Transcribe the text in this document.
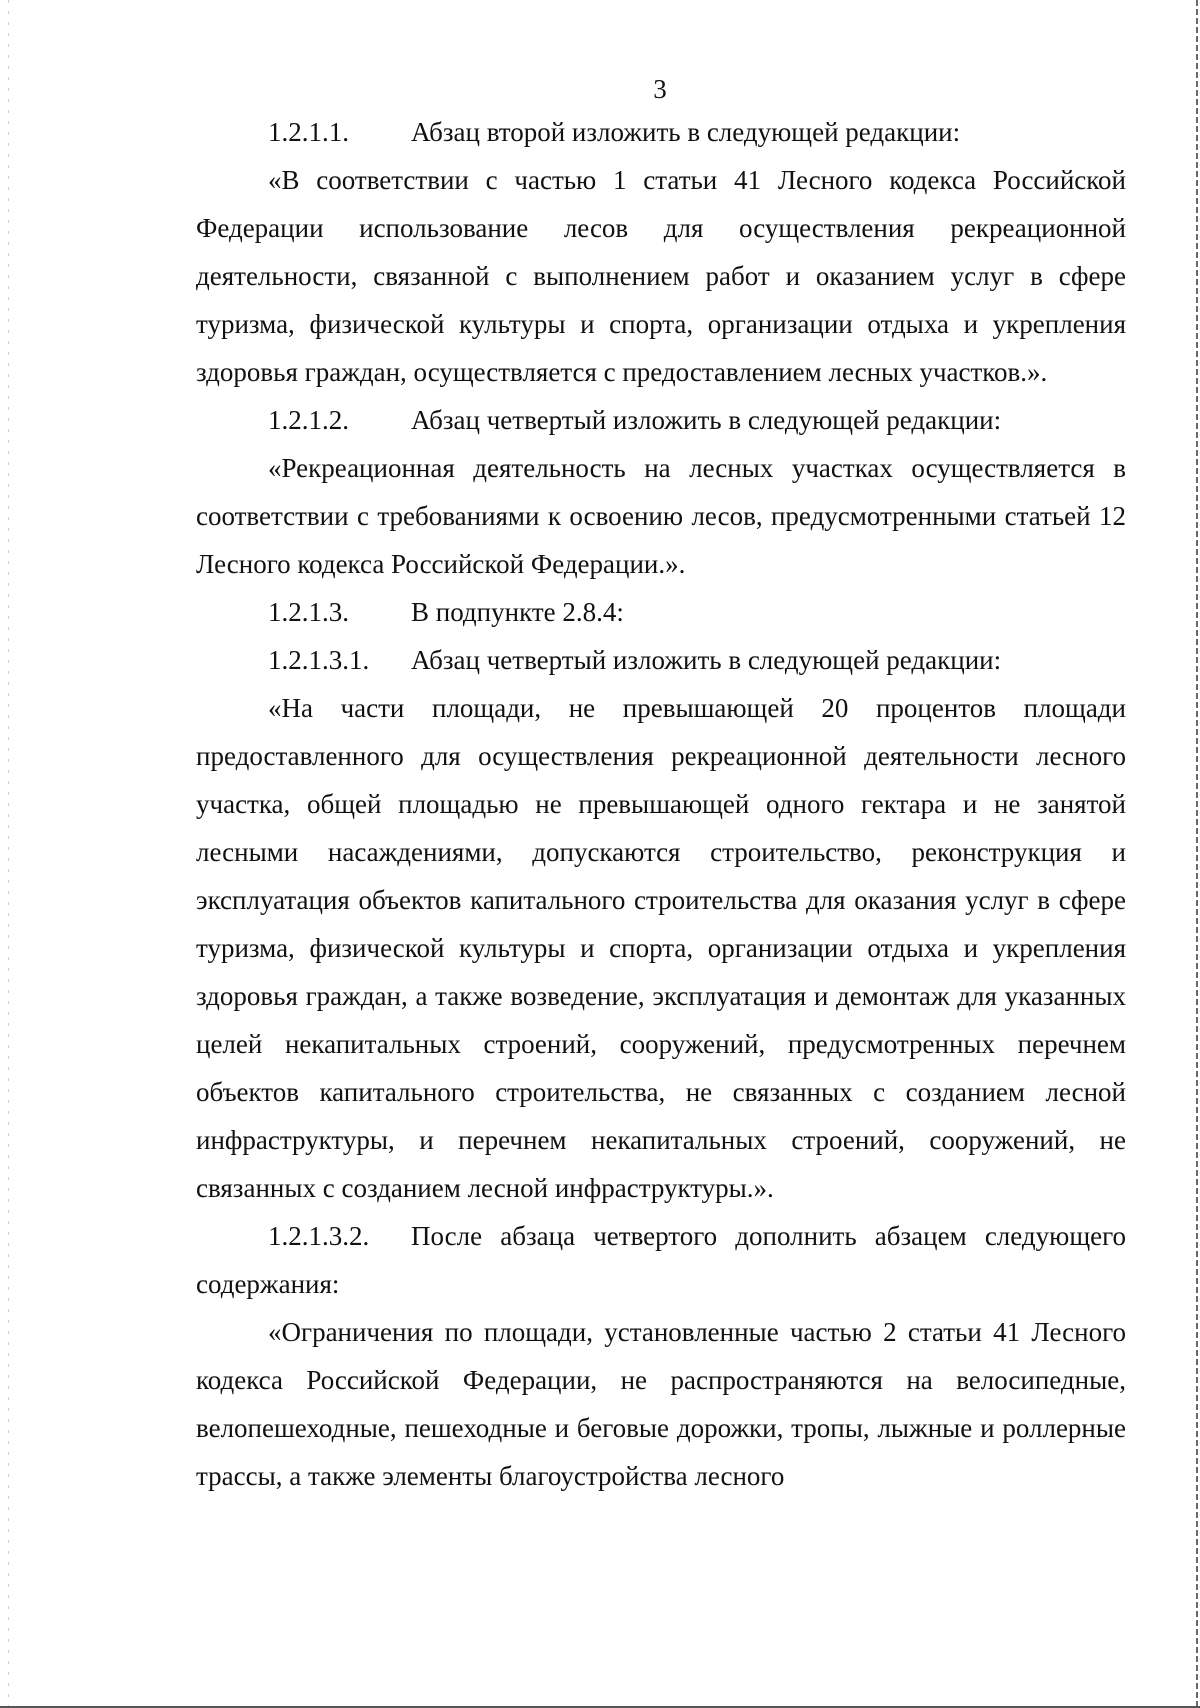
3

1.2.1.1. Абзац второй изложить в следующей редакции:

«В соответствии с частью 1 статьи 41 Лесного кодекса Российской Федерации использование лесов для осуществления рекреационной деятельности, связанной с выполнением работ и оказанием услуг в сфере туризма, физической культуры и спорта, организации отдыха и укрепления здоровья граждан, осуществляется с предоставлением лесных участков.».

1.2.1.2. Абзац четвертый изложить в следующей редакции:

«Рекреационная деятельность на лесных участках осуществляется в соответствии с требованиями к освоению лесов, предусмотренными статьей 12 Лесного кодекса Российской Федерации.».

1.2.1.3. В подпункте 2.8.4:

1.2.1.3.1. Абзац четвертый изложить в следующей редакции:

«На части площади, не превышающей 20 процентов площади предоставленного для осуществления рекреационной деятельности лесного участка, общей площадью не превышающей одного гектара и не занятой лесными насаждениями, допускаются строительство, реконструкция и эксплуатация объектов капитального строительства для оказания услуг в сфере туризма, физической культуры и спорта, организации отдыха и укрепления здоровья граждан, а также возведение, эксплуатация и демонтаж для указанных целей некапитальных строений, сооружений, предусмотренных перечнем объектов капитального строительства, не связанных с созданием лесной инфраструктуры, и перечнем некапитальных строений, сооружений, не связанных с созданием лесной инфраструктуры.».

1.2.1.3.2. После абзаца четвертого дополнить абзацем следующего содержания:

«Ограничения по площади, установленные частью 2 статьи 41 Лесного кодекса Российской Федерации, не распространяются на велосипедные, велопешеходные, пешеходные и беговые дорожки, тропы, лыжные и роллерные трассы, а также элементы благоустройства лесного
